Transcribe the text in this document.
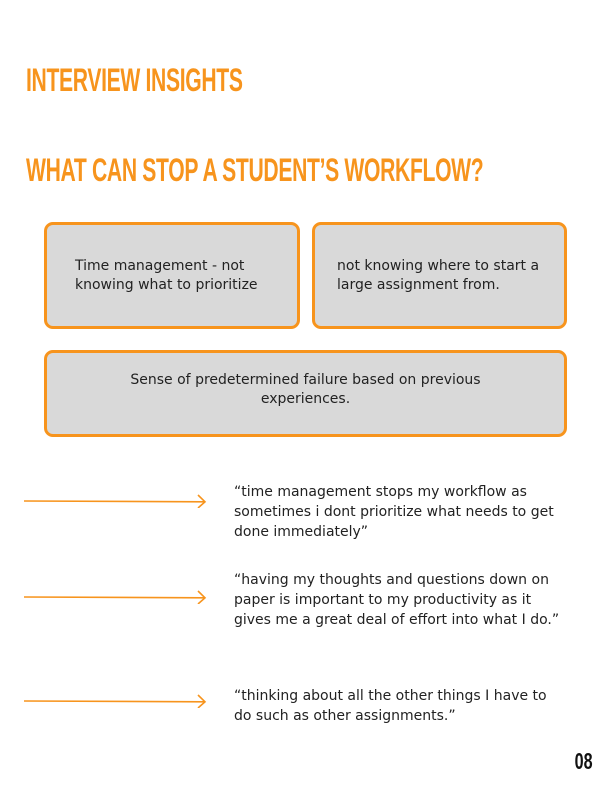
INTERVIEW INSIGHTS
WHAT CAN STOP A STUDENT’S WORKFLOW?
Time management - not knowing what to prioritize
not knowing where to start a large assignment from.
Sense of predetermined failure based on previous experiences.
“time management stops my workflow as sometimes i dont prioritize what needs to get done immediately”
“having my thoughts and questions down on paper is important to my productivity as it gives me a great deal of effort into what I do.”
“thinking about all the other things I have to do such as other assignments.”
08
